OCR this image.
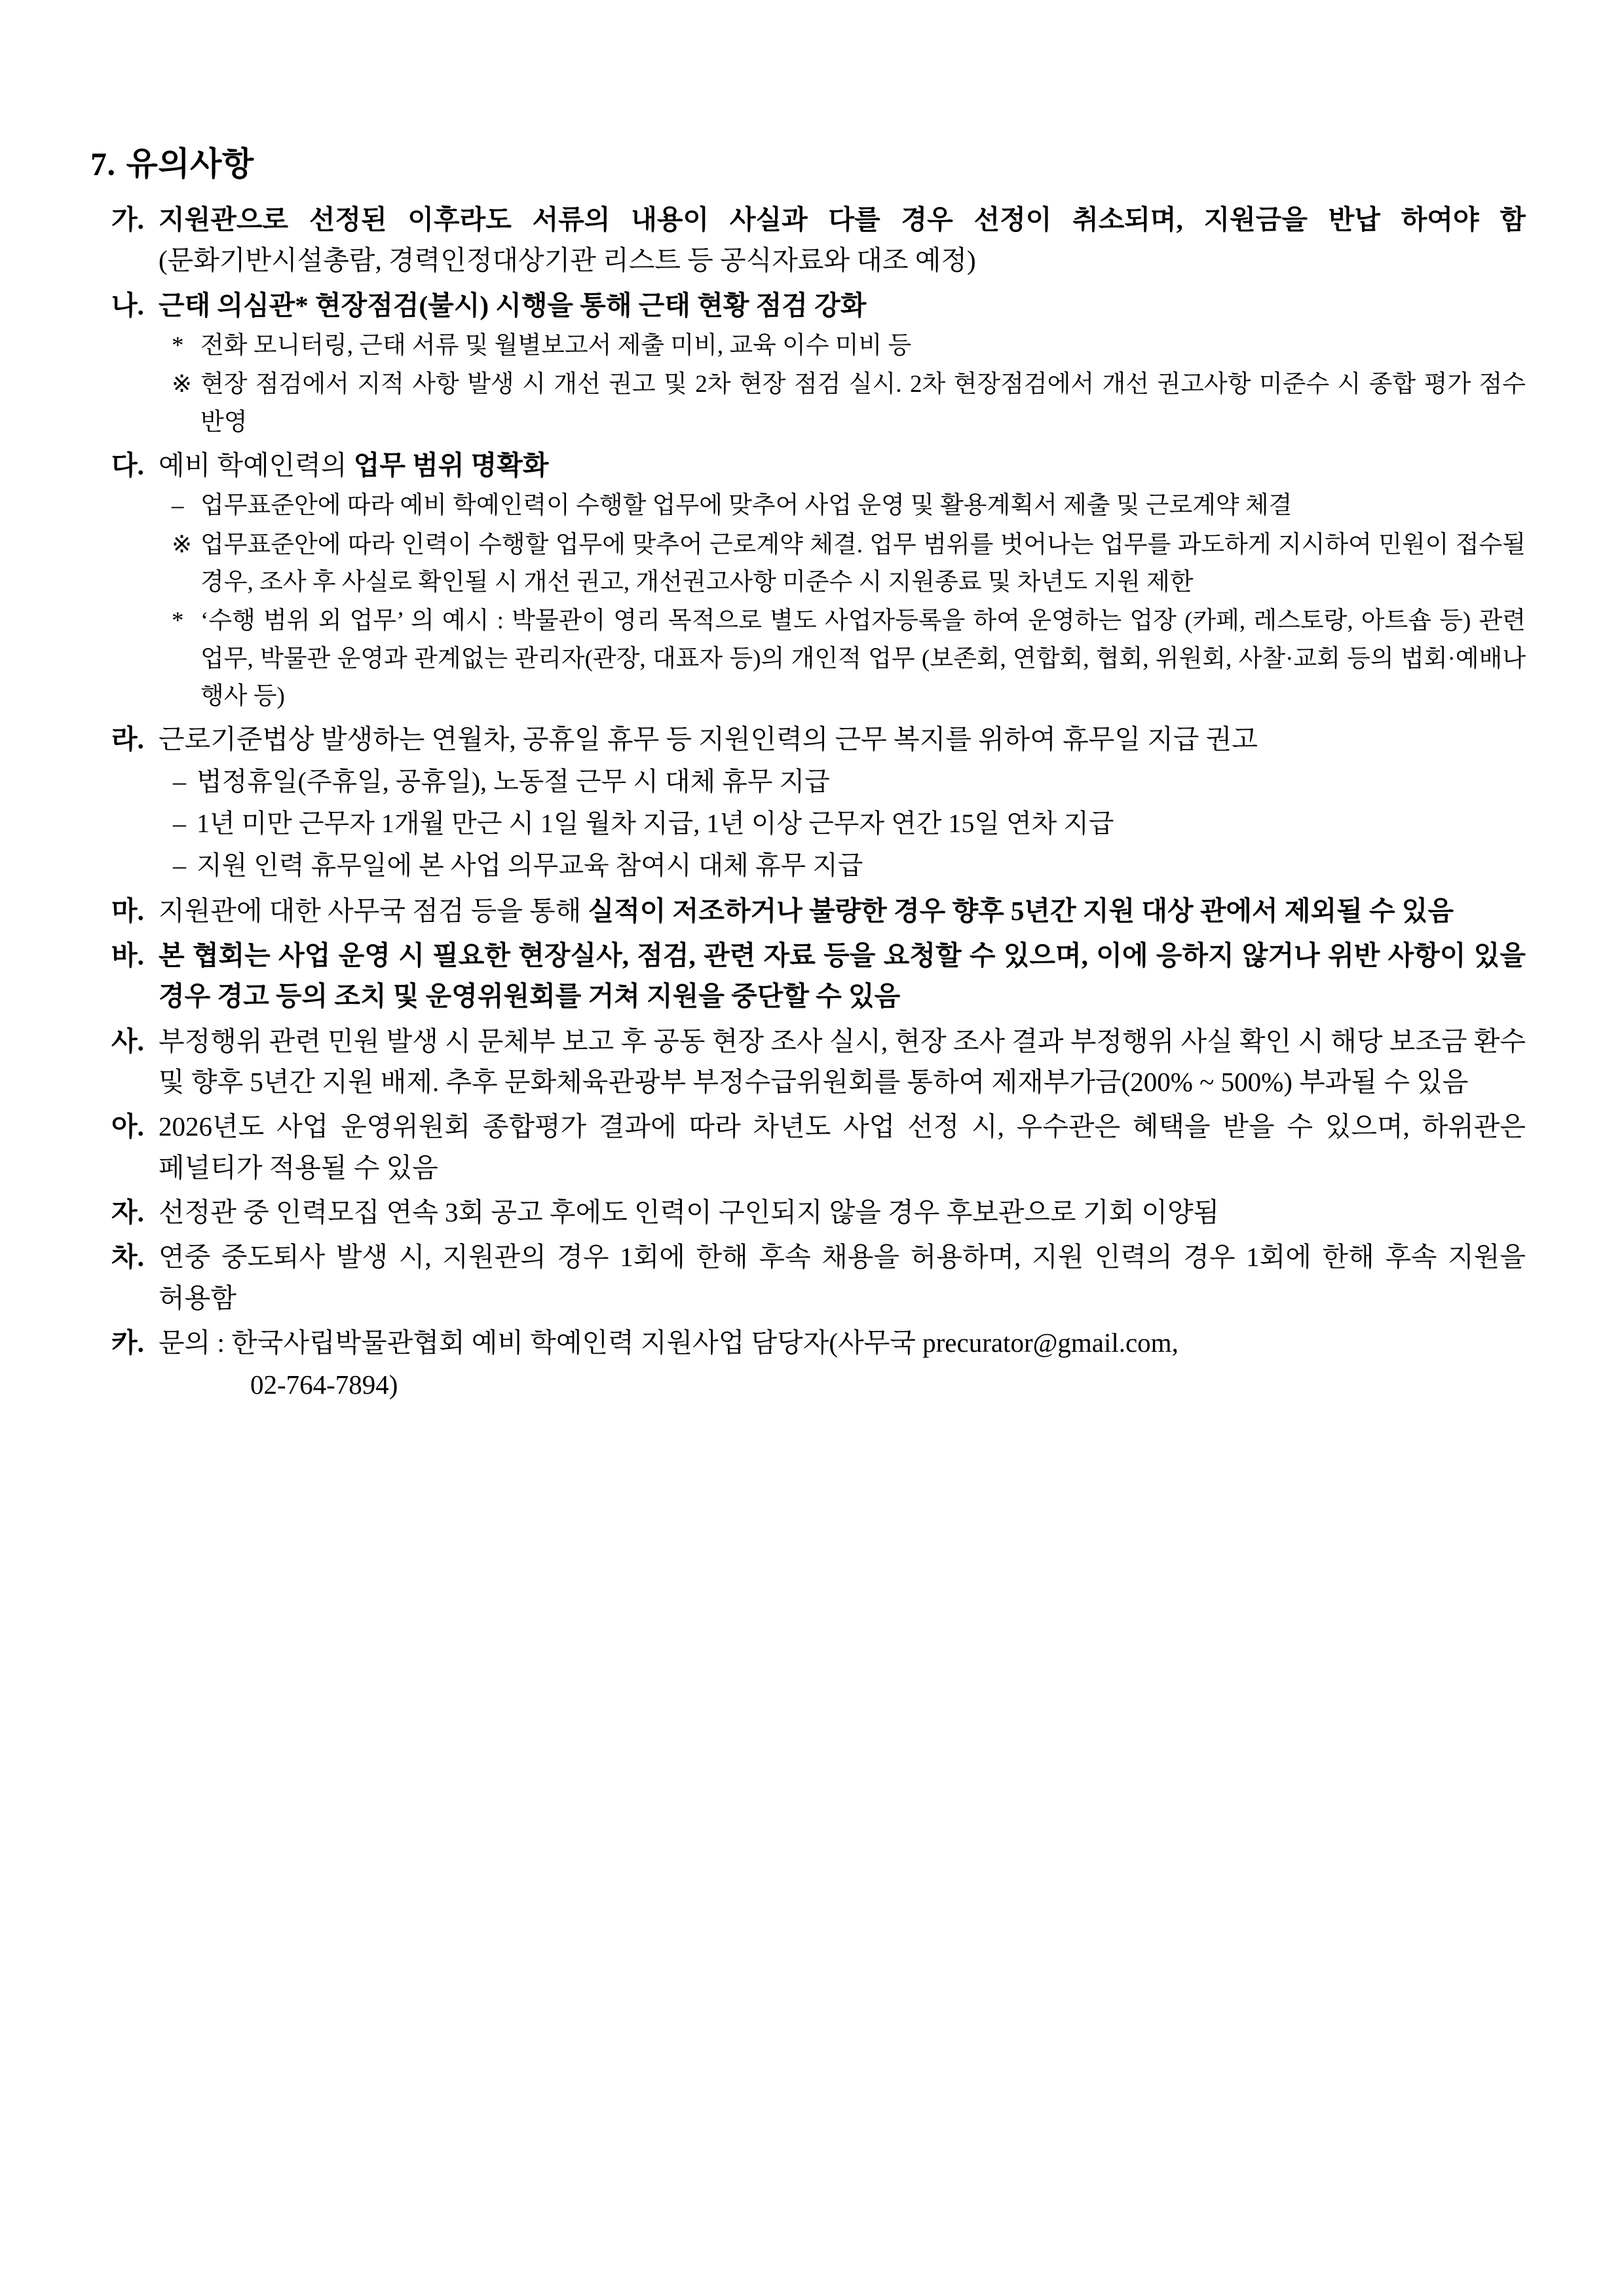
7. 유의사항
가. 지원관으로 선정된 이후라도 서류의 내용이 사실과 다를 경우 선정이 취소되며, 지원금을 반납 하여야 함(문화기반시설총람, 경력인정대상기관 리스트 등 공식자료와 대조 예정)

나. 근태 의심관* 현장점검(불시) 시행을 통해 근태 현황 점검 강화

* 전화 모니터링, 근태 서류 및 월별보고서 제출 미비, 교육 이수 미비 등
※ 현장 점검에서 지적 사항 발생 시 개선 권고 및 2차 현장 점검 실시. 2차 현장점검에서 개선 권고사항 미준수 시 종합 평가 점수 반영
다. 예비 학예인력의 업무 범위 명확화

– 업무표준안에 따라 예비 학예인력이 수행할 업무에 맞추어 사업 운영 및 활용계획서 제출 및 근로계약 체결
※ 업무표준안에 따라 인력이 수행할 업무에 맞추어 근로계약 체결. 업무 범위를 벗어나는 업무를 과도하게 지시하여 민원이 접수될 경우, 조사 후 사실로 확인될 시 개선 권고, 개선권고사항 미준수 시 지원종료 및 차년도 지원 제한
* ‘수행 범위 외 업무’ 의 예시 : 박물관이 영리 목적으로 별도 사업자등록을 하여 운영하는 업장 (카페, 레스토랑, 아트숍 등) 관련 업무, 박물관 운영과 관계없는 관리자(관장, 대표자 등)의 개인적 업무 (보존회, 연합회, 협회, 위원회, 사찰·교회 등의 법회·예배나 행사 등)
라. 근로기준법상 발생하는 연월차, 공휴일 휴무 등 지원인력의 근무 복지를 위하여 휴무일 지급 권고

– 법정휴일(주휴일, 공휴일), 노동절 근무 시 대체 휴무 지급
– 1년 미만 근무자 1개월 만근 시 1일 월차 지급, 1년 이상 근무자 연간 15일 연차 지급
– 지원 인력 휴무일에 본 사업 의무교육 참여시 대체 휴무 지급
마. 지원관에 대한 사무국 점검 등을 통해 실적이 저조하거나 불량한 경우 향후 5년간 지원 대상 관에서 제외될 수 있음

바. 본 협회는 사업 운영 시 필요한 현장실사, 점검, 관련 자료 등을 요청할 수 있으며, 이에 응하지 않거나 위반 사항이 있을 경우 경고 등의 조치 및 운영위원회를 거쳐 지원을 중단할 수 있음

사. 부정행위 관련 민원 발생 시 문체부 보고 후 공동 현장 조사 실시, 현장 조사 결과 부정행위 사실 확인 시 해당 보조금 환수 및 향후 5년간 지원 배제. 추후 문화체육관광부 부정수급위원회를 통하여 제재부가금(200% ~ 500%) 부과될 수 있음

아. 2026년도 사업 운영위원회 종합평가 결과에 따라 차년도 사업 선정 시, 우수관은 혜택을 받을 수 있으며, 하위관은 페널티가 적용될 수 있음

자. 선정관 중 인력모집 연속 3회 공고 후에도 인력이 구인되지 않을 경우 후보관으로 기회 이양됨

차. 연중 중도퇴사 발생 시, 지원관의 경우 1회에 한해 후속 채용을 허용하며, 지원 인력의 경우 1회에 한해 후속 지원을 허용함

카. 문의 : 한국사립박물관협회 예비 학예인력 지원사업 담당자(사무국 precurator@gmail.com,

02-764-7894)
